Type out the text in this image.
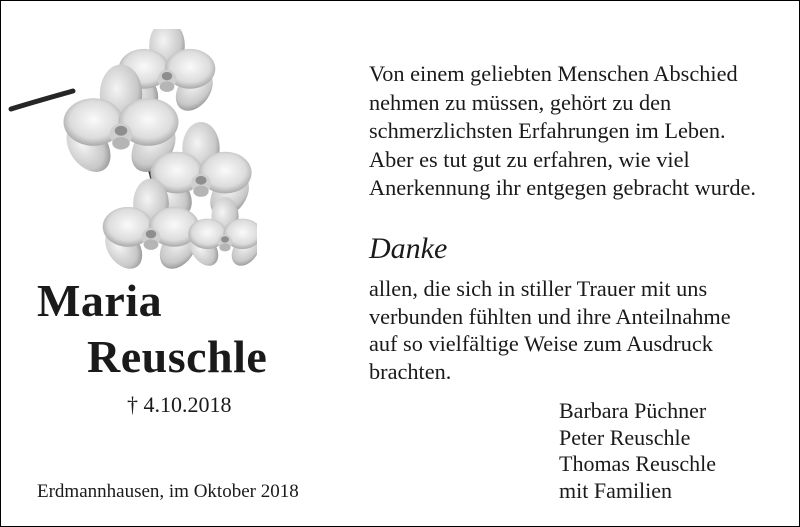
Maria
Reuschle
† 4.10.2018
Erdmannhausen, im Oktober 2018

Von einem geliebten Menschen Abschied
nehmen zu müssen, gehört zu den
schmerzlichsten Erfahrungen im Leben.
Aber es tut gut zu erfahren, wie viel
Anerkennung ihr entgegen gebracht wurde.

Danke

allen, die sich in stiller Trauer mit uns
verbunden fühlten und ihre Anteilnahme
auf so vielfältige Weise zum Ausdruck
brachten.

Barbara Püchner
Peter Reuschle
Thomas Reuschle
mit Familien
